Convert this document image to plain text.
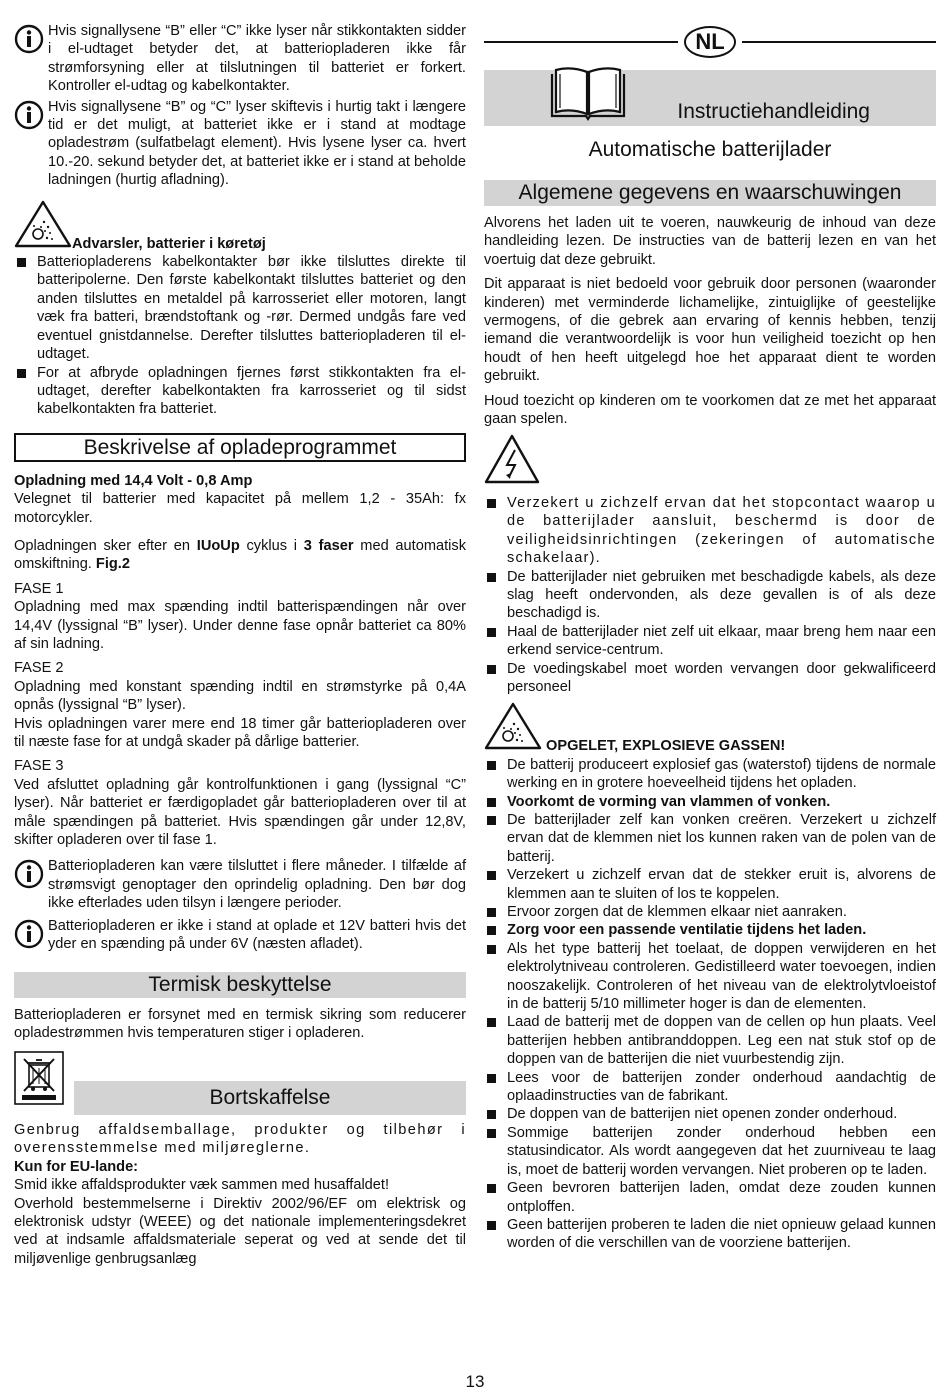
Hvis signallysene “B” eller “C” ikke lyser når stikkontakten sidder i el-udtaget betyder det, at batteriopladeren ikke får strømforsyning eller at tilslutningen til batteriet er forkert. Kontroller el-udtag og kabelkontakter.

Hvis signallysene “B” og “C” lyser skiftevis i hurtig takt i længere tid er det muligt, at batteriet ikke er i stand at modtage opladestrøm (sulfatbelagt element). Hvis lysene lyser ca. hvert 10.-20. sekund betyder det, at batteriet ikke er i stand at beholde ladningen (hurtig afladning).

Advarsler, batterier i køretøj

Batteriopladerens kabelkontakter bør ikke tilsluttes direkte til batteripolerne. Den første kabelkontakt tilsluttes batteriet og den anden tilsluttes en metaldel på karrosseriet eller motoren, langt væk fra batteri, brændstoftank og -rør. Dermed undgås fare ved eventuel gnistdannelse. Derefter tilsluttes batteriopladeren til el-udtaget.

For at afbryde opladningen fjernes først stikkontakten fra el-udtaget, derefter kabelkontakten fra karrosseriet og til sidst kabelkontakten fra batteriet.

Beskrivelse af opladeprogrammet

Opladning med 14,4 Volt - 0,8 Amp

Velegnet til batterier med kapacitet på mellem 1,2 - 35Ah: fx motorcykler.

Opladningen sker efter en IUoUp cyklus i 3 faser med automatisk omskiftning. Fig.2

FASE 1

Opladning med max spænding indtil batterispændingen når over 14,4V (lyssignal “B” lyser). Under denne fase opnår batteriet ca 80% af sin ladning.

FASE 2

Opladning med konstant spænding indtil en strømstyrke på 0,4A opnås (lyssignal “B” lyser).

Hvis opladningen varer mere end 18 timer går batteriopladeren over til næste fase for at undgå skader på dårlige batterier.

FASE 3

Ved afsluttet opladning går kontrolfunktionen i gang (lyssignal “C” lyser). Når batteriet er færdigopladet går batteriopladeren over til at måle spændingen på batteriet. Hvis spændingen går under 12,8V, skifter opladeren over til fase 1.

Batteriopladeren kan være tilsluttet i flere måneder. I tilfælde af strømsvigt genoptager den oprindelig opladning. Den bør dog ikke efterlades uden tilsyn i længere perioder.

Batteriopladeren er ikke i stand at oplade et 12V batteri hvis det yder en spænding på under 6V (næsten afladet).

Termisk beskyttelse

Batteriopladeren er forsynet med en termisk sikring som reducerer opladestrømmen hvis temperaturen stiger i opladeren.

Bortskaffelse

Genbrug affaldsemballage, produkter og tilbehør i overensstemmelse med miljøreglerne.

Kun for EU-lande:

Smid ikke affaldsprodukter væk sammen med husaffaldet!

Overhold bestemmelserne i Direktiv 2002/96/EF om elektrisk og elektronisk udstyr (WEEE) og det nationale implementeringsdekret ved at indsamle affaldsmateriale seperat og ved at sende det til miljøvenlige genbrugsanlæg

NL
Instructiehandleiding
Automatische batterijlader
Algemene gegevens en waarschuwingen

Alvorens het laden uit te voeren, nauwkeurig de inhoud van deze handleiding lezen. De instructies van de batterij lezen en van het voertuig dat deze gebruikt.

Dit apparaat is niet bedoeld voor gebruik door personen (waaronder kinderen) met verminderde lichamelijke, zintuiglijke of geestelijke vermogens, of die gebrek aan ervaring of kennis hebben, tenzij iemand die verantwoordelijk is voor hun veiligheid toezicht op hen houdt of hen heeft uitgelegd hoe het apparaat dient te worden gebruikt.

Houd toezicht op kinderen om te voorkomen dat ze met het apparaat gaan spelen.

Verzekert u zichzelf ervan dat het stopcontact waarop u de batterijlader aansluit, beschermd is door de veiligheidsinrichtingen (zekeringen of automatische schakelaar).

De batterijlader niet gebruiken met beschadigde kabels, als deze slag heeft ondervonden, als deze gevallen is of als deze beschadigd is.

Haal de batterijlader niet zelf uit elkaar, maar breng hem naar een erkend service-centrum.

De voedingskabel moet worden vervangen door gekwalificeerd personeel

OPGELET, EXPLOSIEVE GASSEN!

De batterij produceert explosief gas (waterstof) tijdens de normale werking en in grotere hoeveelheid tijdens het opladen.

Voorkomt de vorming van vlammen of vonken.

De batterijlader zelf kan vonken creëren. Verzekert u zichzelf ervan dat de klemmen niet los kunnen raken van de polen van de batterij.

Verzekert u zichzelf ervan dat de stekker eruit is, alvorens de klemmen aan te sluiten of los te koppelen.

Ervoor zorgen dat de klemmen elkaar niet aanraken.

Zorg voor een passende ventilatie tijdens het laden.

Als het type batterij het toelaat, de doppen verwijderen en het elektrolytniveau controleren. Gedistilleerd water toevoegen, indien nooszakelijk. Controleren of het niveau van de elektrolytvloeistof in de batterij 5/10 millimeter hoger is dan de elementen.

Laad de batterij met de doppen van de cellen op hun plaats. Veel batterijen hebben antibranddoppen. Leg een nat stuk stof op de doppen van de batterijen die niet vuurbestendig zijn.

Lees voor de batterijen zonder onderhoud aandachtig de oplaadinstructies van de fabrikant.

De doppen van de batterijen niet openen zonder onderhoud.

Sommige batterijen zonder onderhoud hebben een statusindicator. Als wordt aangegeven dat het zuurniveau te laag is, moet de batterij worden vervangen. Niet proberen op te laden.

Geen bevroren batterijen laden, omdat deze zouden kunnen ontploffen.

Geen batterijen proberen te laden die niet opnieuw gelaad kunnen worden of die verschillen van de voorziene batterijen.

13
